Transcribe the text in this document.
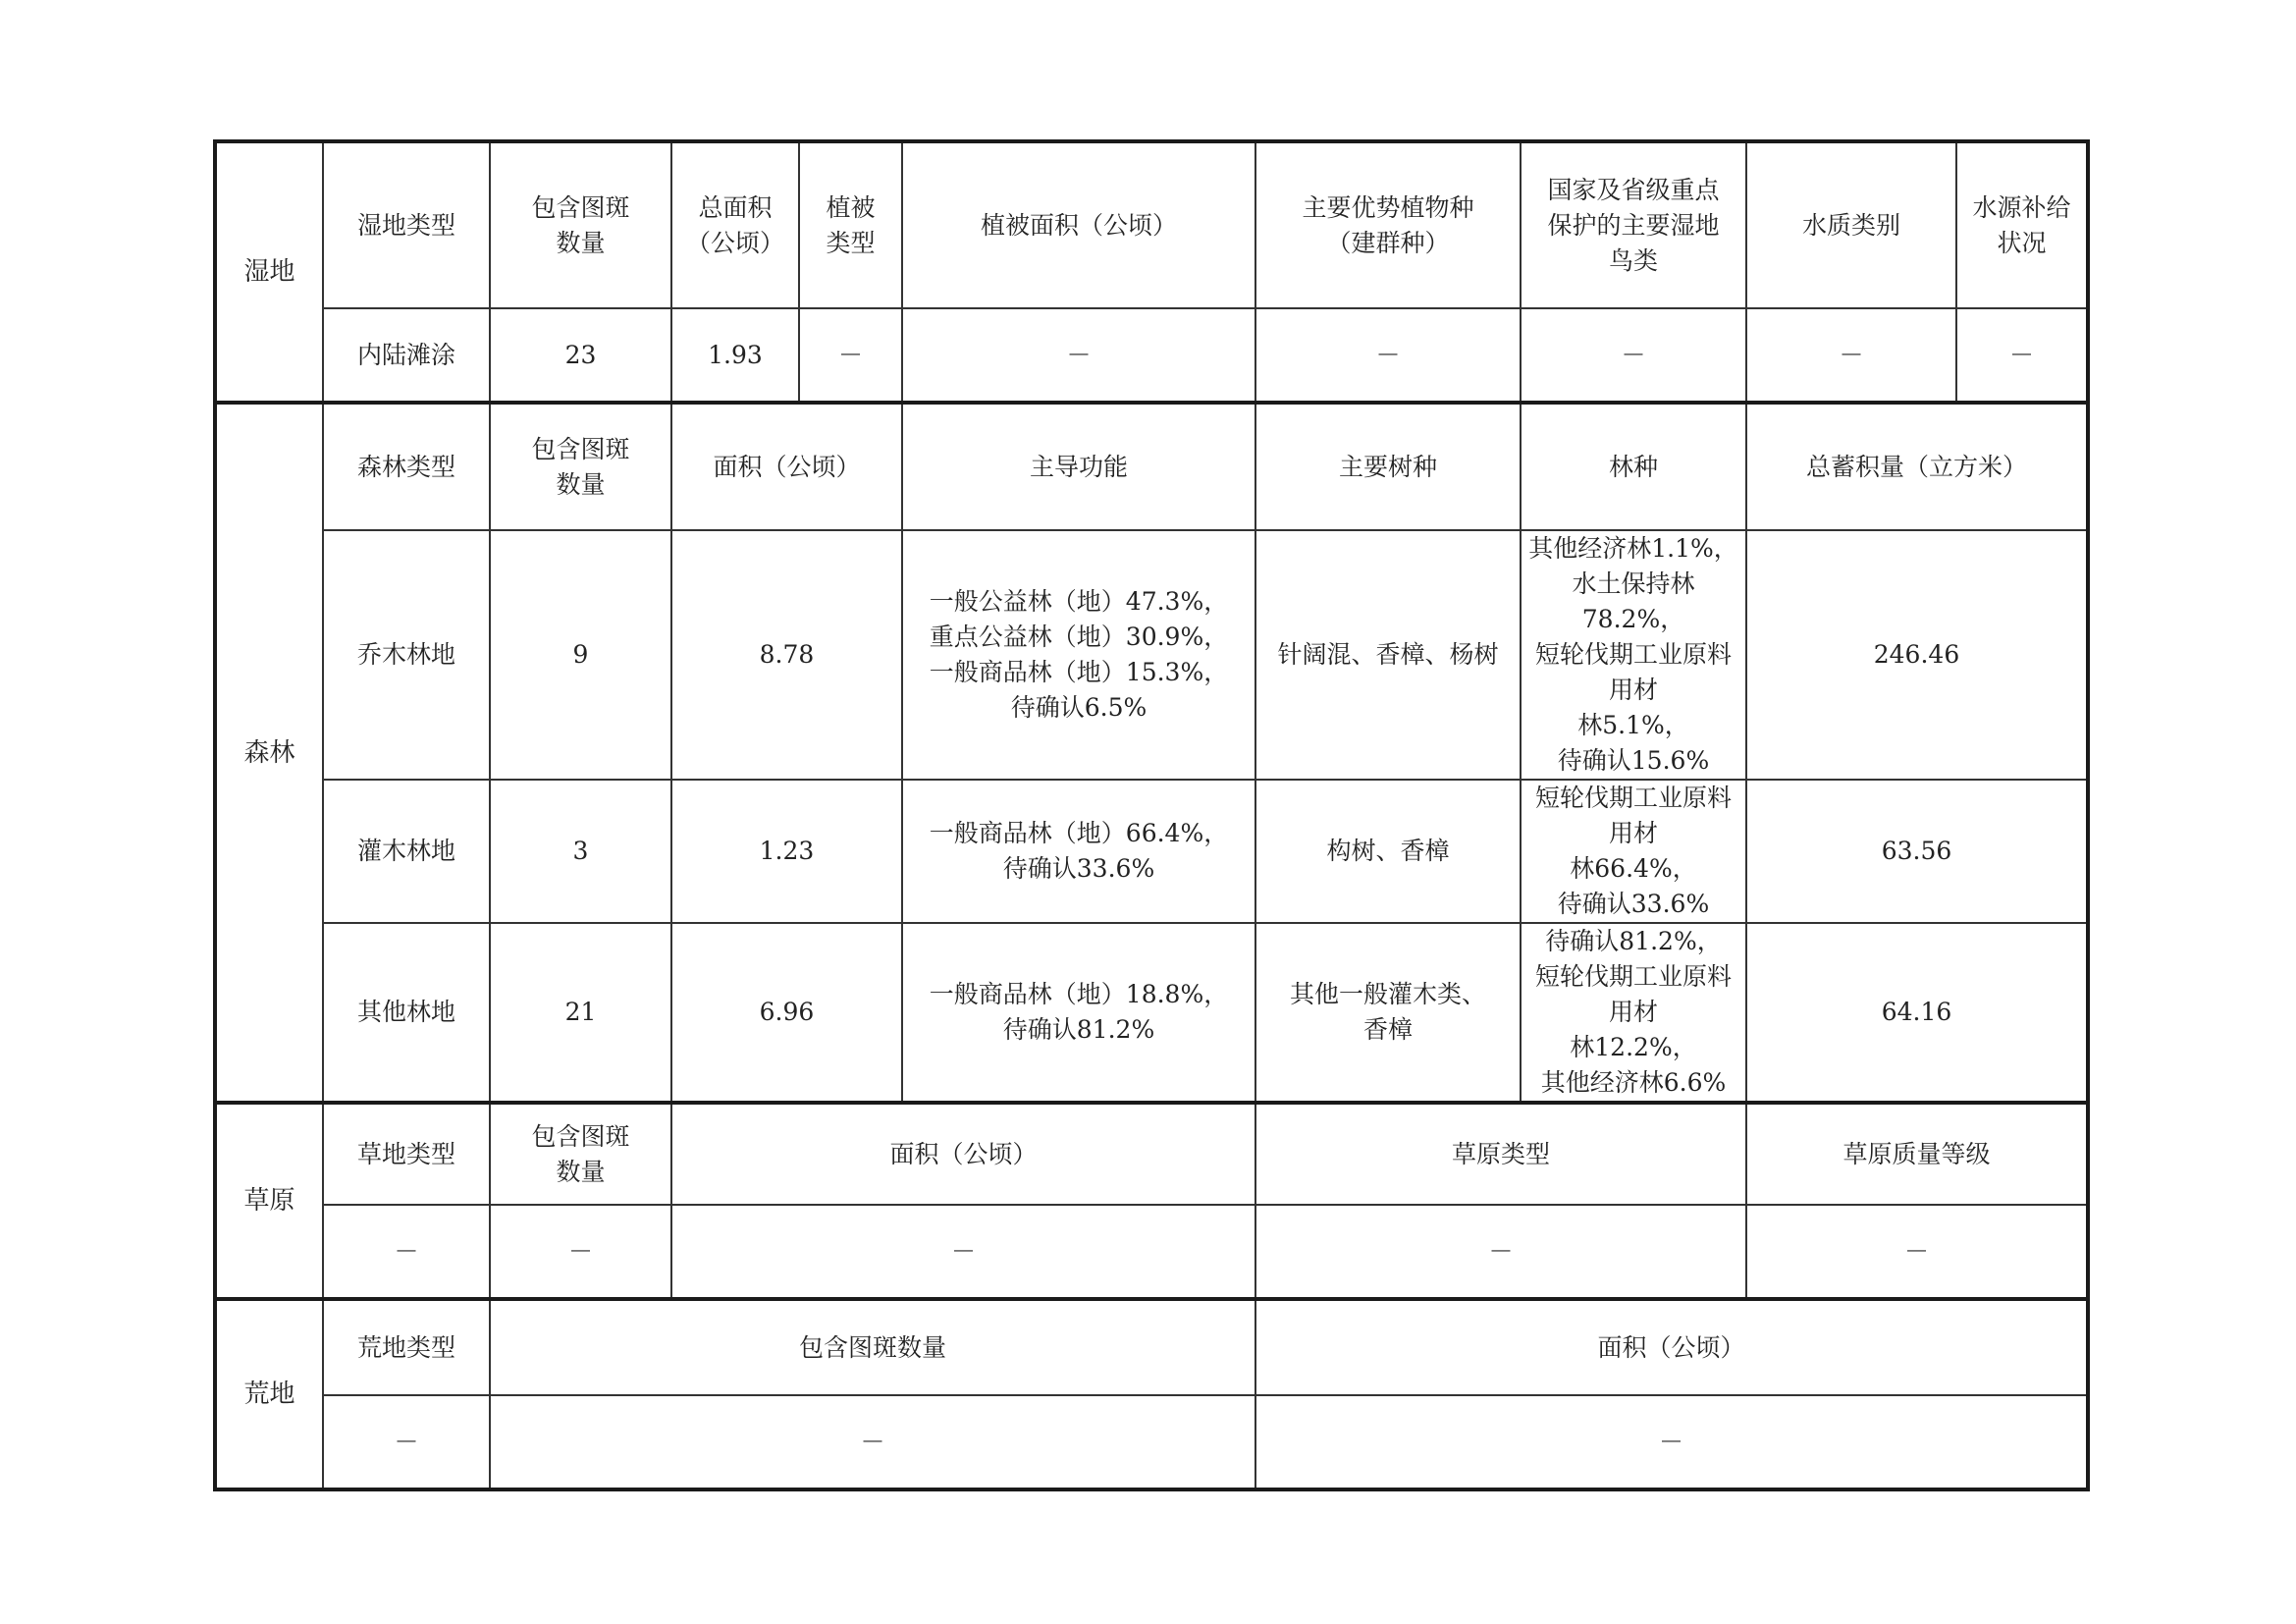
湿地	湿地类型	包含图斑
数量	总面积
（公顷）	植被
类型	植被面积（公顷）	主要优势植物种
（建群种）	国家及省级重点
保护的主要湿地
鸟类	水质类别	水源补给
状况
	内陆滩涂	23	1.93	－	－	－	－	－	－
森林	森林类型	包含图斑
数量	面积（公顷）		主导功能	主要树种	林种	总蓄积量（立方米）	
	乔木林地	9	8.78		一般公益林（地）47.3%，
重点公益林（地）30.9%，
一般商品林（地）15.3%，
待确认6.5%	针阔混、香樟、杨树	其他经济林1.1%，
水土保持林78.2%，
短轮伐期工业原料用材
林5.1%，
待确认15.6%	246.46	
	灌木林地	3	1.23		一般商品林（地）66.4%，
待确认33.6%	构树、香樟	短轮伐期工业原料用材
林66.4%，
待确认33.6%	63.56	
	其他林地	21	6.96		一般商品林（地）18.8%，
待确认81.2%	其他一般灌木类、
香樟	待确认81.2%，
短轮伐期工业原料用材
林12.2%，
其他经济林6.6%	64.16	
草原	草地类型	包含图斑
数量	面积（公顷）			草原类型		草原质量等级	
	－	－	－			－		－	
荒地	荒地类型	包含图斑数量				面积（公顷）			
	－	－				－			
